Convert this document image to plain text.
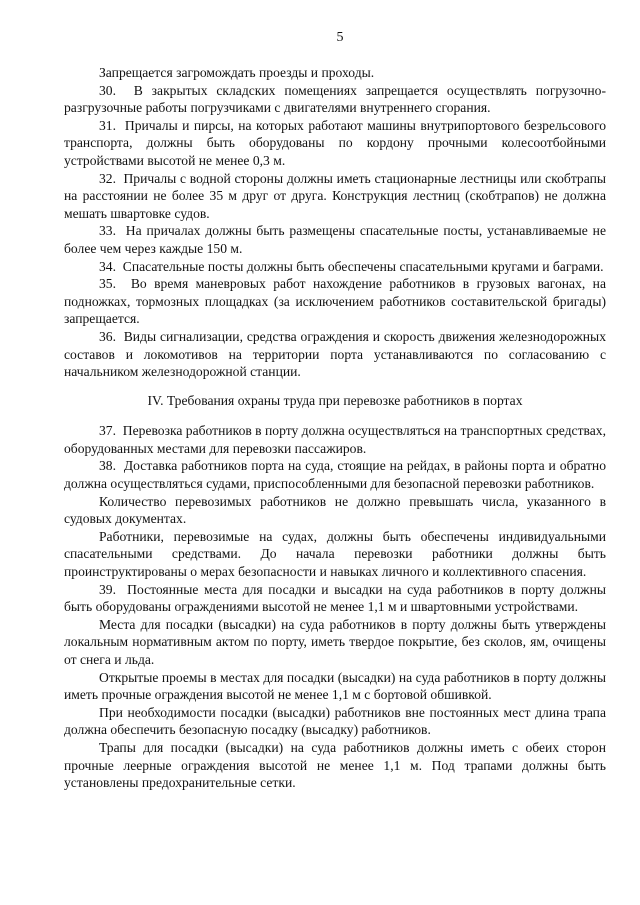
5

Запрещается загромождать проезды и проходы.

30.  В закрытых складских помещениях запрещается осуществлять погрузочно-разгрузочные работы погрузчиками с двигателями внутреннего сгорания.

31.  Причалы и пирсы, на которых работают машины внутрипортового безрельсового транспорта, должны быть оборудованы по кордону прочными колесоотбойными устройствами высотой не менее 0,3 м.

32.  Причалы с водной стороны должны иметь стационарные лестницы или скобтрапы на расстоянии не более 35 м друг от друга. Конструкция лестниц (скобтрапов) не должна мешать швартовке судов.

33.  На причалах должны быть размещены спасательные посты, устанавливаемые не более чем через каждые 150 м.

34.  Спасательные посты должны быть обеспечены спасательными кругами и баграми.

35.  Во время маневровых работ нахождение работников в грузовых вагонах, на подножках, тормозных площадках (за исключением работников составительской бригады) запрещается.

36.  Виды сигнализации, средства ограждения и скорость движения железнодорожных составов и локомотивов на территории порта устанавливаются по согласованию с начальником железнодорожной станции.

IV. Требования охраны труда при перевозке работников в портах

37.  Перевозка работников в порту должна осуществляться на транспортных средствах, оборудованных местами для перевозки пассажиров.

38.  Доставка работников порта на суда, стоящие на рейдах, в районы порта и обратно должна осуществляться судами, приспособленными для безопасной перевозки работников.

Количество перевозимых работников не должно превышать числа, указанного в судовых документах.

Работники, перевозимые на судах, должны быть обеспечены индивидуальными спасательными средствами. До начала перевозки работники должны быть проинструктированы о мерах безопасности и навыках личного и коллективного спасения.

39.  Постоянные места для посадки и высадки на суда работников в порту должны быть оборудованы ограждениями высотой не менее 1,1 м и швартовными устройствами.

Места для посадки (высадки) на суда работников в порту должны быть утверждены локальным нормативным актом по порту, иметь твердое покрытие, без сколов, ям, очищены от снега и льда.

Открытые проемы в местах для посадки (высадки) на суда работников в порту должны иметь прочные ограждения высотой не менее 1,1 м с бортовой обшивкой.

При необходимости посадки (высадки) работников вне постоянных мест длина трапа должна обеспечить безопасную посадку (высадку) работников.

Трапы для посадки (высадки) на суда работников должны иметь с обеих сторон прочные леерные ограждения высотой не менее 1,1 м. Под трапами должны быть установлены предохранительные сетки.
